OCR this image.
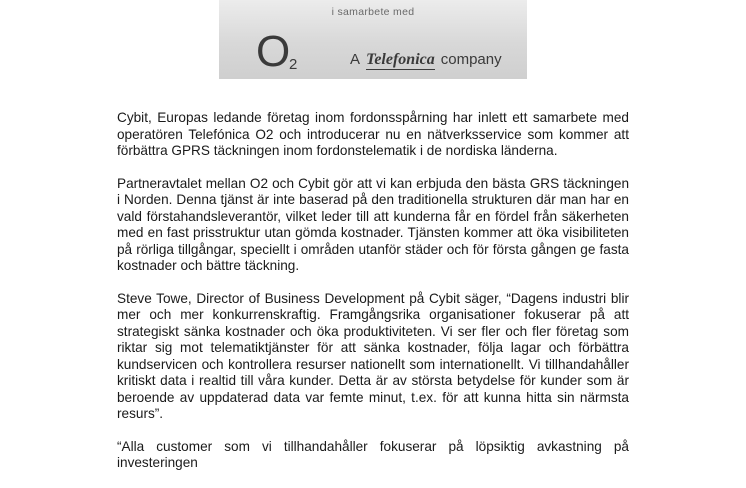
i samarbete med
O
2	A Telefonica company

Cybit, Europas ledande företag inom fordonsspårning har inlett ett samarbete med operatören Telefónica O2 och introducerar nu en nätverksservice som kommer att förbättra GPRS täckningen inom fordonstelematik i de nordiska länderna.

Partneravtalet mellan O2 och Cybit gör att vi kan erbjuda den bästa GRS täckningen i Norden. Denna tjänst är inte baserad på den traditionella strukturen där man har en vald förstahandsleverantör, vilket leder till att kunderna får en fördel från säkerheten med en fast prisstruktur utan gömda kostnader. Tjänsten kommer att öka visibiliteten på rörliga tillgångar, speciellt i områden utanför städer och för första gången ge fasta kostnader och bättre täckning.

Steve Towe, Director of Business Development på Cybit säger, “Dagens industri blir mer och mer konkurrenskraftig. Framgångsrika organisationer fokuserar på att strategiskt sänka kostnader och öka produktiviteten. Vi ser fler och fler företag som riktar sig mot telematiktjänster för att sänka kostnader, följa lagar och förbättra kundservicen och kontrollera resurser nationellt som internationellt. Vi tillhandahåller kritiskt data i realtid till våra kunder. Detta är av största betydelse för kunder som är beroende av uppdaterad data var femte minut, t.ex. för att kunna hitta sin närmsta resurs”.

“Alla customer som vi tillhandahåller fokuserar på löpsiktig avkastning på investeringen
